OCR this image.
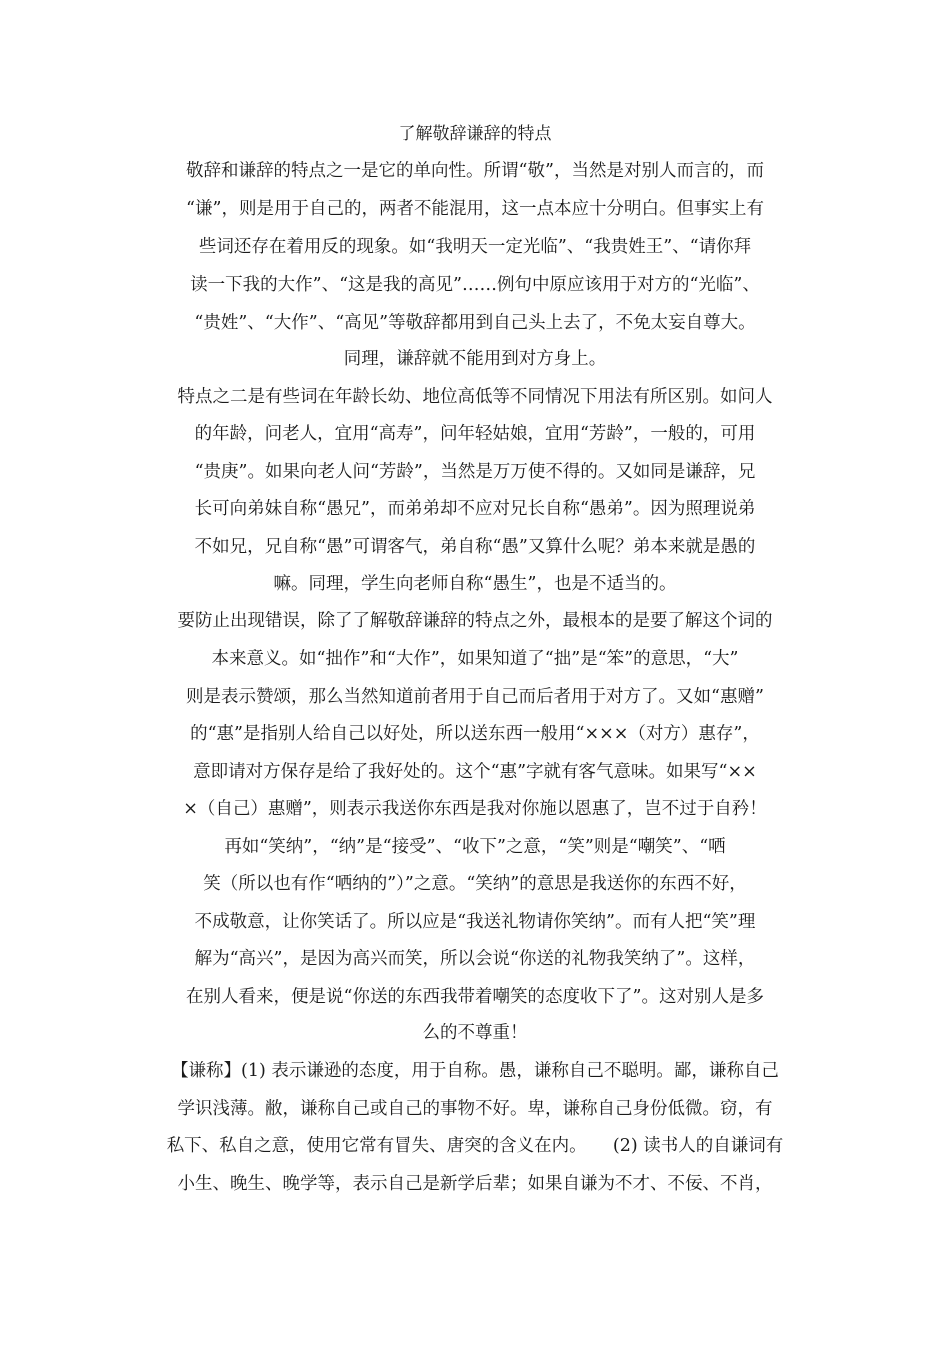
了解敬辞谦辞的特点
敬辞和谦辞的特点之一是它的单向性。所谓“敬”，当然是对别人而言的，而
“谦”，则是用于自己的，两者不能混用，这一点本应十分明白。但事实上有
些词还存在着用反的现象。如“我明天一定光临”、“我贵姓王”、“请你拜
读一下我的大作”、“这是我的高见”……例句中原应该用于对方的“光临”、
“贵姓”、“大作”、“高见”等敬辞都用到自己头上去了，不免太妄自尊大。
同理，谦辞就不能用到对方身上。
特点之二是有些词在年龄长幼、地位高低等不同情况下用法有所区别。如问人
的年龄，问老人，宜用“高寿”，问年轻姑娘，宜用“芳龄”，一般的，可用
“贵庚”。如果向老人问“芳龄”，当然是万万使不得的。又如同是谦辞，兄
长可向弟妹自称“愚兄”，而弟弟却不应对兄长自称“愚弟”。因为照理说弟
不如兄，兄自称“愚”可谓客气，弟自称“愚”又算什么呢？弟本来就是愚的
嘛。同理，学生向老师自称“愚生”，也是不适当的。
要防止出现错误，除了了解敬辞谦辞的特点之外，最根本的是要了解这个词的
本来意义。如“拙作”和“大作”，如果知道了“拙”是“笨”的意思，“大”
则是表示赞颂，那么当然知道前者用于自己而后者用于对方了。又如“惠赠”
的“惠”是指别人给自己以好处，所以送东西一般用“×××（对方）惠存”，
意即请对方保存是给了我好处的。这个“惠”字就有客气意味。如果写“××
×（自己）惠赠”，则表示我送你东西是我对你施以恩惠了，岂不过于自矜！
再如“笑纳”，“纳”是“接受”、“收下”之意，“笑”则是“嘲笑”、“哂
笑（所以也有作“哂纳的”）”之意。“笑纳”的意思是我送你的东西不好，
不成敬意，让你笑话了。所以应是“我送礼物请你笑纳”。而有人把“笑”理
解为“高兴”，是因为高兴而笑，所以会说“你送的礼物我笑纳了”。这样，
在别人看来，便是说“你送的东西我带着嘲笑的态度收下了”。这对别人是多
么的不尊重！
【谦称】(1) 表示谦逊的态度，用于自称。愚，谦称自己不聪明。鄙，谦称自己
学识浅薄。敝，谦称自己或自己的事物不好。卑，谦称自己身份低微。窃，有
私下、私自之意，使用它常有冒失、唐突的含义在内。　　(2) 读书人的自谦词有
小生、晚生、晚学等，表示自己是新学后辈；如果自谦为不才、不佞、不肖，
